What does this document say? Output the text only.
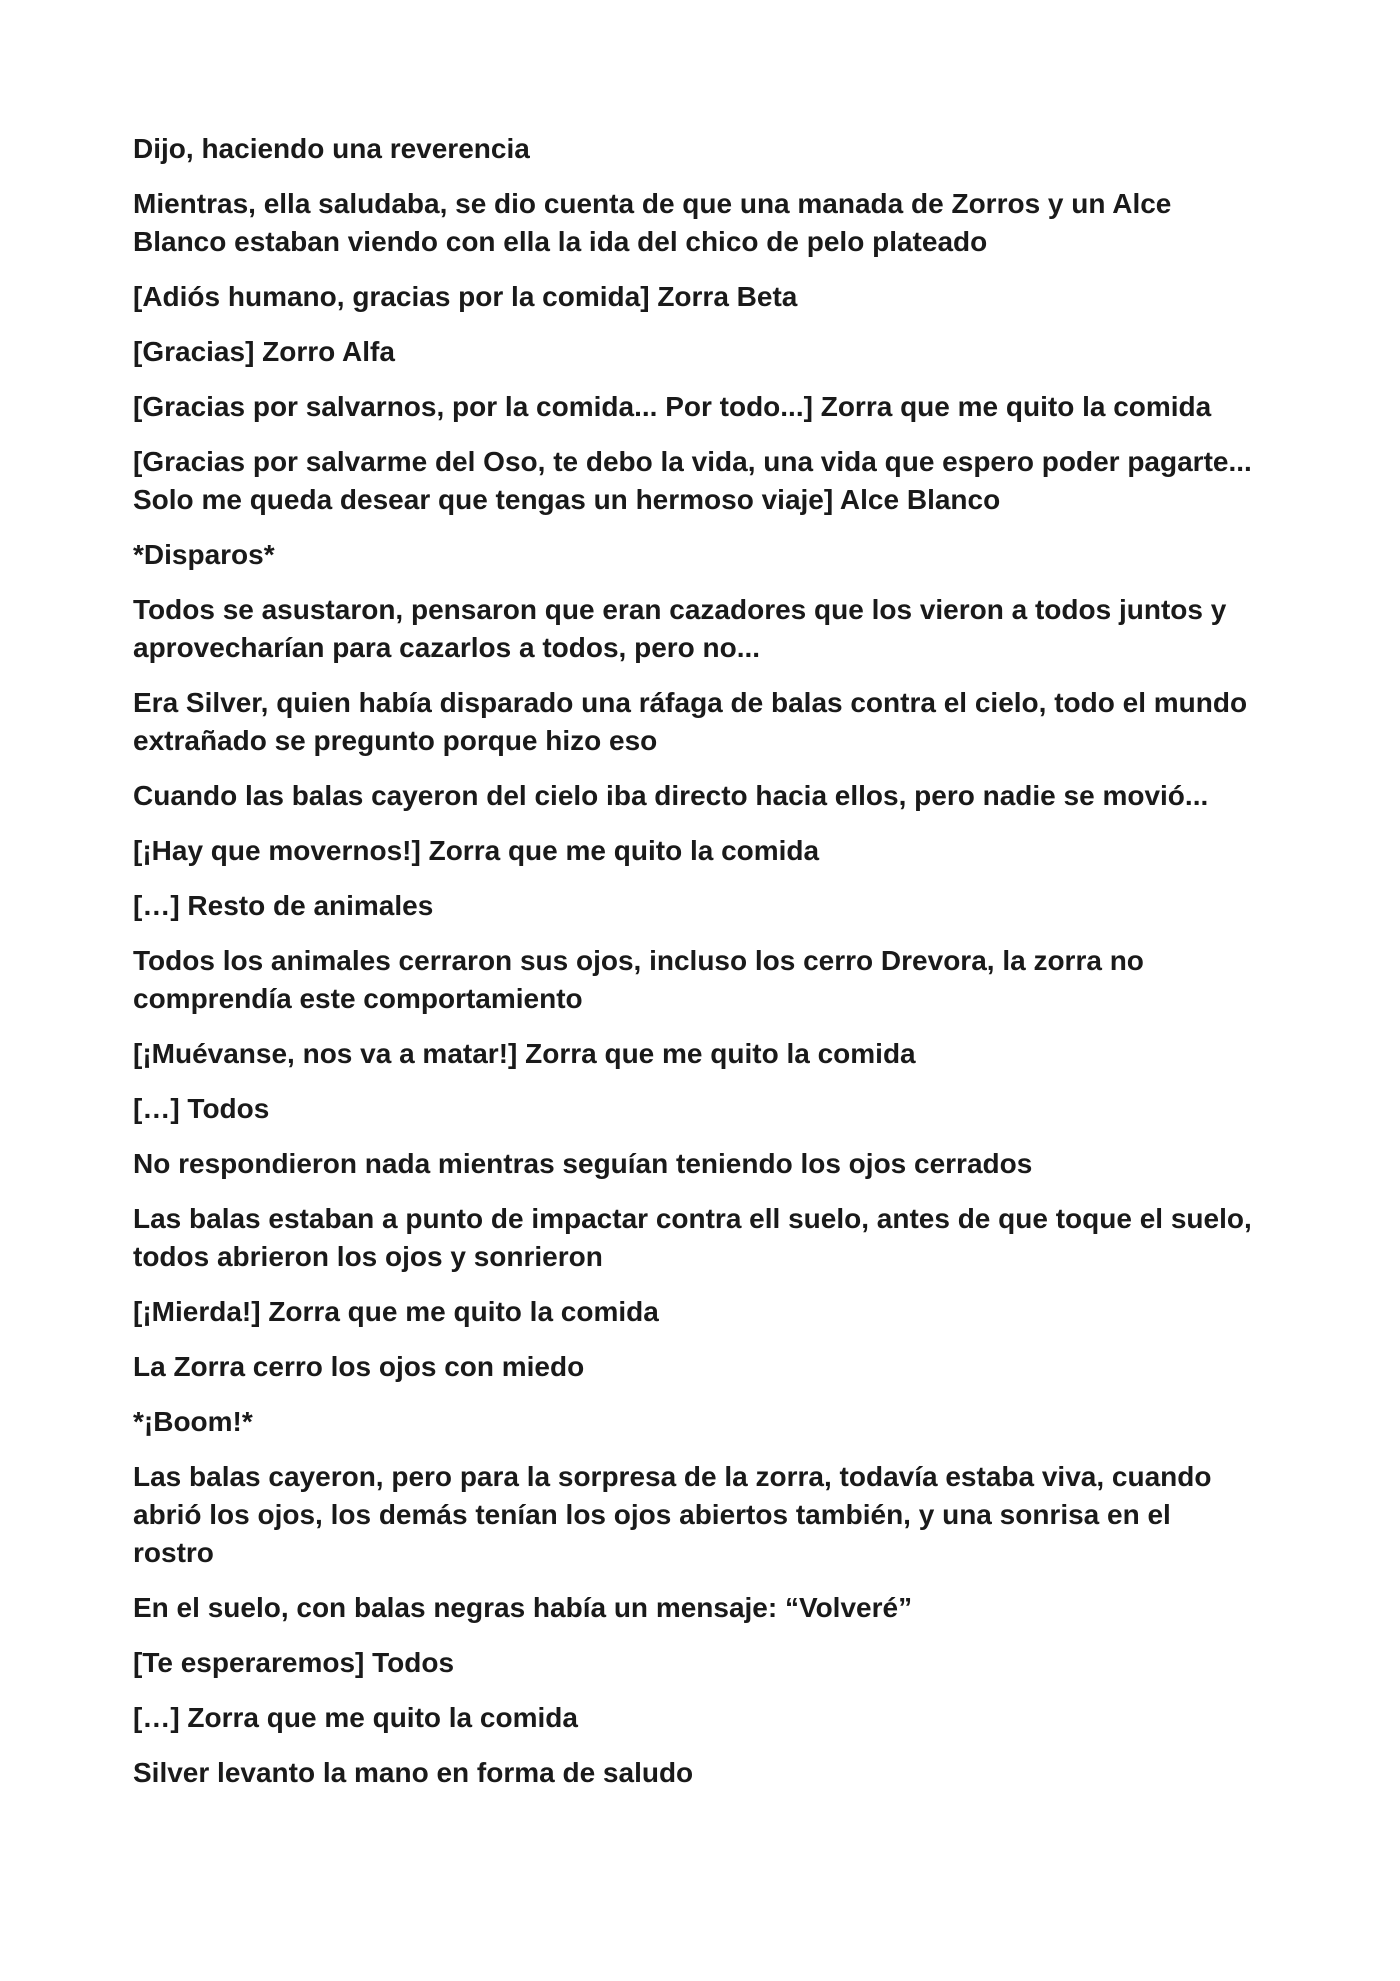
Dijo, haciendo una reverencia

Mientras, ella saludaba, se dio cuenta de que una manada de Zorros y un Alce
Blanco estaban viendo con ella la ida del chico de pelo plateado

[Adiós humano, gracias por la comida] Zorra Beta

[Gracias] Zorro Alfa

[Gracias por salvarnos, por la comida... Por todo...] Zorra que me quito la comida

[Gracias por salvarme del Oso, te debo la vida, una vida que espero poder pagarte...
Solo me queda desear que tengas un hermoso viaje] Alce Blanco

*Disparos*

Todos se asustaron, pensaron que eran cazadores que los vieron a todos juntos y
aprovecharían para cazarlos a todos, pero no...

Era Silver, quien había disparado una ráfaga de balas contra el cielo, todo el mundo
extrañado se pregunto porque hizo eso

Cuando las balas cayeron del cielo iba directo hacia ellos, pero nadie se movió...

[¡Hay que movernos!] Zorra que me quito la comida

[…] Resto de animales

Todos los animales cerraron sus ojos, incluso los cerro Drevora, la zorra no
comprendía este comportamiento

[¡Muévanse, nos va a matar!] Zorra que me quito la comida

[…] Todos

No respondieron nada mientras seguían teniendo los ojos cerrados

Las balas estaban a punto de impactar contra ell suelo, antes de que toque el suelo,
todos abrieron los ojos y sonrieron

[¡Mierda!] Zorra que me quito la comida

La Zorra cerro los ojos con miedo

*¡Boom!*

Las balas cayeron, pero para la sorpresa de la zorra, todavía estaba viva, cuando
abrió los ojos, los demás tenían los ojos abiertos también, y una sonrisa en el
rostro

En el suelo, con balas negras había un mensaje: “Volveré”

[Te esperaremos] Todos

[…] Zorra que me quito la comida

Silver levanto la mano en forma de saludo
